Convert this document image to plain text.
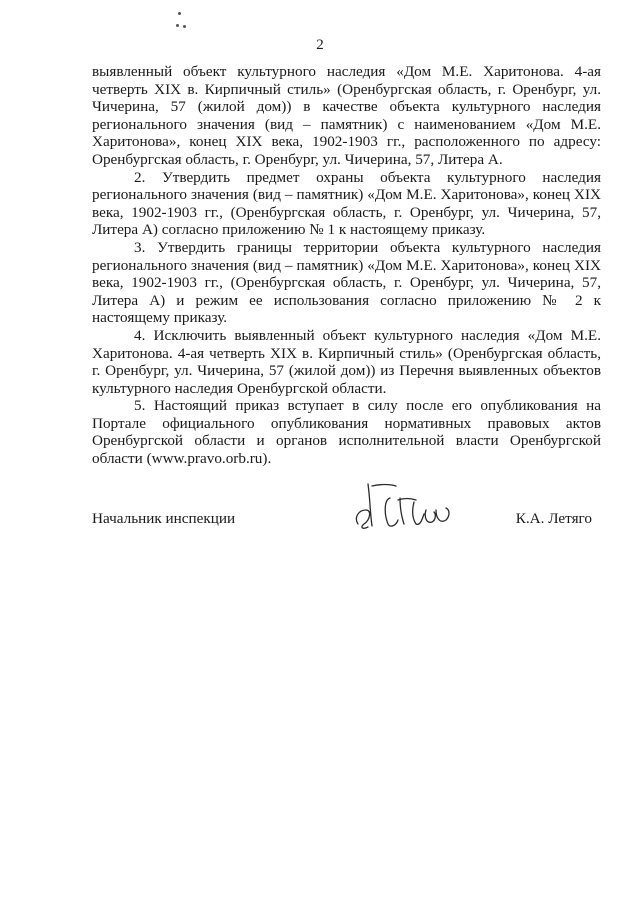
2

выявленный объект культурного наследия «Дом М.Е. Харитонова. 4-ая четверть XIX в. Кирпичный стиль» (Оренбургская область, г. Оренбург, ул. Чичерина, 57 (жилой дом)) в качестве объекта культурного наследия регионального значения (вид – памятник) с наименованием «Дом М.Е. Харитонова», конец XIX века, 1902-1903 гг., расположенного по адресу: Оренбургская область, г. Оренбург, ул. Чичерина, 57, Литера А.

2. Утвердить предмет охраны объекта культурного наследия регионального значения (вид – памятник) «Дом М.Е. Харитонова», конец XIX века, 1902-1903 гг., (Оренбургская область, г. Оренбург, ул. Чичерина, 57, Литера А) согласно приложению № 1 к настоящему приказу.

3. Утвердить границы территории объекта культурного наследия регионального значения (вид – памятник) «Дом М.Е. Харитонова», конец XIX века, 1902-1903 гг., (Оренбургская область, г. Оренбург, ул. Чичерина, 57, Литера А) и режим ее использования согласно приложению № 2 к настоящему приказу.

4. Исключить выявленный объект культурного наследия «Дом М.Е. Харитонова. 4-ая четверть XIX в. Кирпичный стиль» (Оренбургская область, г. Оренбург, ул. Чичерина, 57 (жилой дом)) из Перечня выявленных объектов культурного наследия Оренбургской области.

5. Настоящий приказ вступает в силу после его опубликования на Портале официального опубликования нормативных правовых актов Оренбургской области и органов исполнительной власти Оренбургской области (www.pravo.orb.ru).

Начальник инспекции	К.А. Летяго
